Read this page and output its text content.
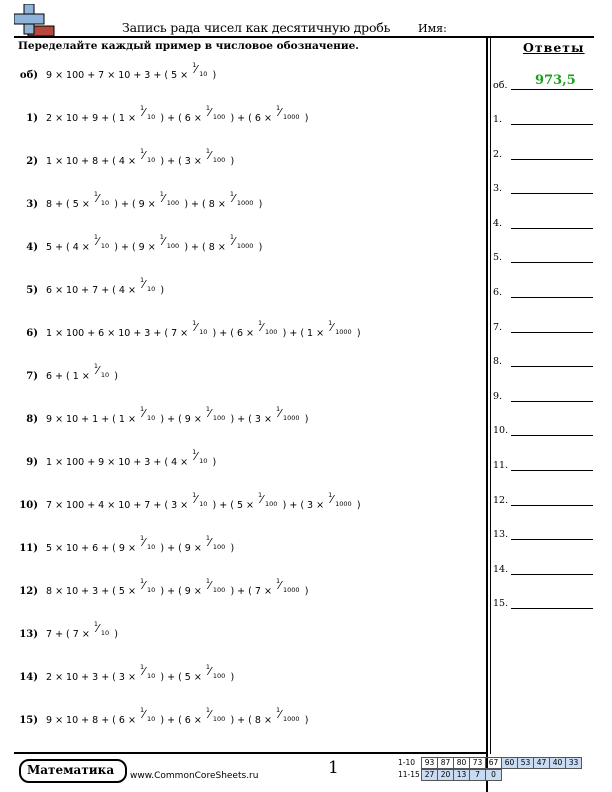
Запись рада чисел как десятичную дробь	Имя:
Переделайте каждый пример в числовое обозначение.
об) 9 × 100 + 7 × 10 + 3 + ( 5 ×
1
⁄ 10 )
1) 2 × 10 + 9 + ( 1 ×
1
⁄ 10 ) + ( 6 ×
1
⁄ 100 ) + ( 6 ×
1
⁄ 1000 )
2) 1 × 10 + 8 + ( 4 ×
1
⁄ 10 ) + ( 3 ×
1
⁄ 100 )
3) 8 + ( 5 ×
1
⁄ 10 ) + ( 9 ×
1
⁄ 100 ) + ( 8 ×
1
⁄ 1000 )
4) 5 + ( 4 ×
1
⁄ 10 ) + ( 9 ×
1
⁄ 100 ) + ( 8 ×
1
⁄ 1000 )
5) 6 × 10 + 7 + ( 4 ×
1
⁄ 10 )
6) 1 × 100 + 6 × 10 + 3 + ( 7 ×
1
⁄ 10 ) + ( 6 ×
1
⁄ 100 ) + ( 1 ×
1
⁄ 1000 )
7) 6 + ( 1 ×
1
⁄ 10 )
8) 9 × 10 + 1 + ( 1 ×
1
⁄ 10 ) + ( 9 ×
1
⁄ 100 ) + ( 3 ×
1
⁄ 1000 )
9) 1 × 100 + 9 × 10 + 3 + ( 4 ×
1
⁄ 10 )
10) 7 × 100 + 4 × 10 + 7 + ( 3 ×
1
⁄ 10 ) + ( 5 ×
1
⁄ 100 ) + ( 3 ×
1
⁄ 1000 )
11) 5 × 10 + 6 + ( 9 ×
1
⁄ 10 ) + ( 9 ×
1
⁄ 100 )
12) 8 × 10 + 3 + ( 5 ×
1
⁄ 10 ) + ( 9 ×
1
⁄ 100 ) + ( 7 ×
1
⁄ 1000 )
13) 7 + ( 7 ×
1
⁄ 10 )
14) 2 × 10 + 3 + ( 3 ×
1
⁄ 10 ) + ( 5 ×
1
⁄ 100 )
15) 9 × 10 + 8 + ( 6 ×
1
⁄ 10 ) + ( 6 ×
1
⁄ 100 ) + ( 8 ×
1
⁄ 1000 )
Ответы
об. 973,5
1.
2.
3.
4.
5.
6.
7.
8.
9.
10.
11.
12.
13.
14.
15.
Математика www.CommonCoreSheets.ru	1	1-10 93 87 80 73 67 60 53 47 40 33
11-15 27 20 13 7 0
